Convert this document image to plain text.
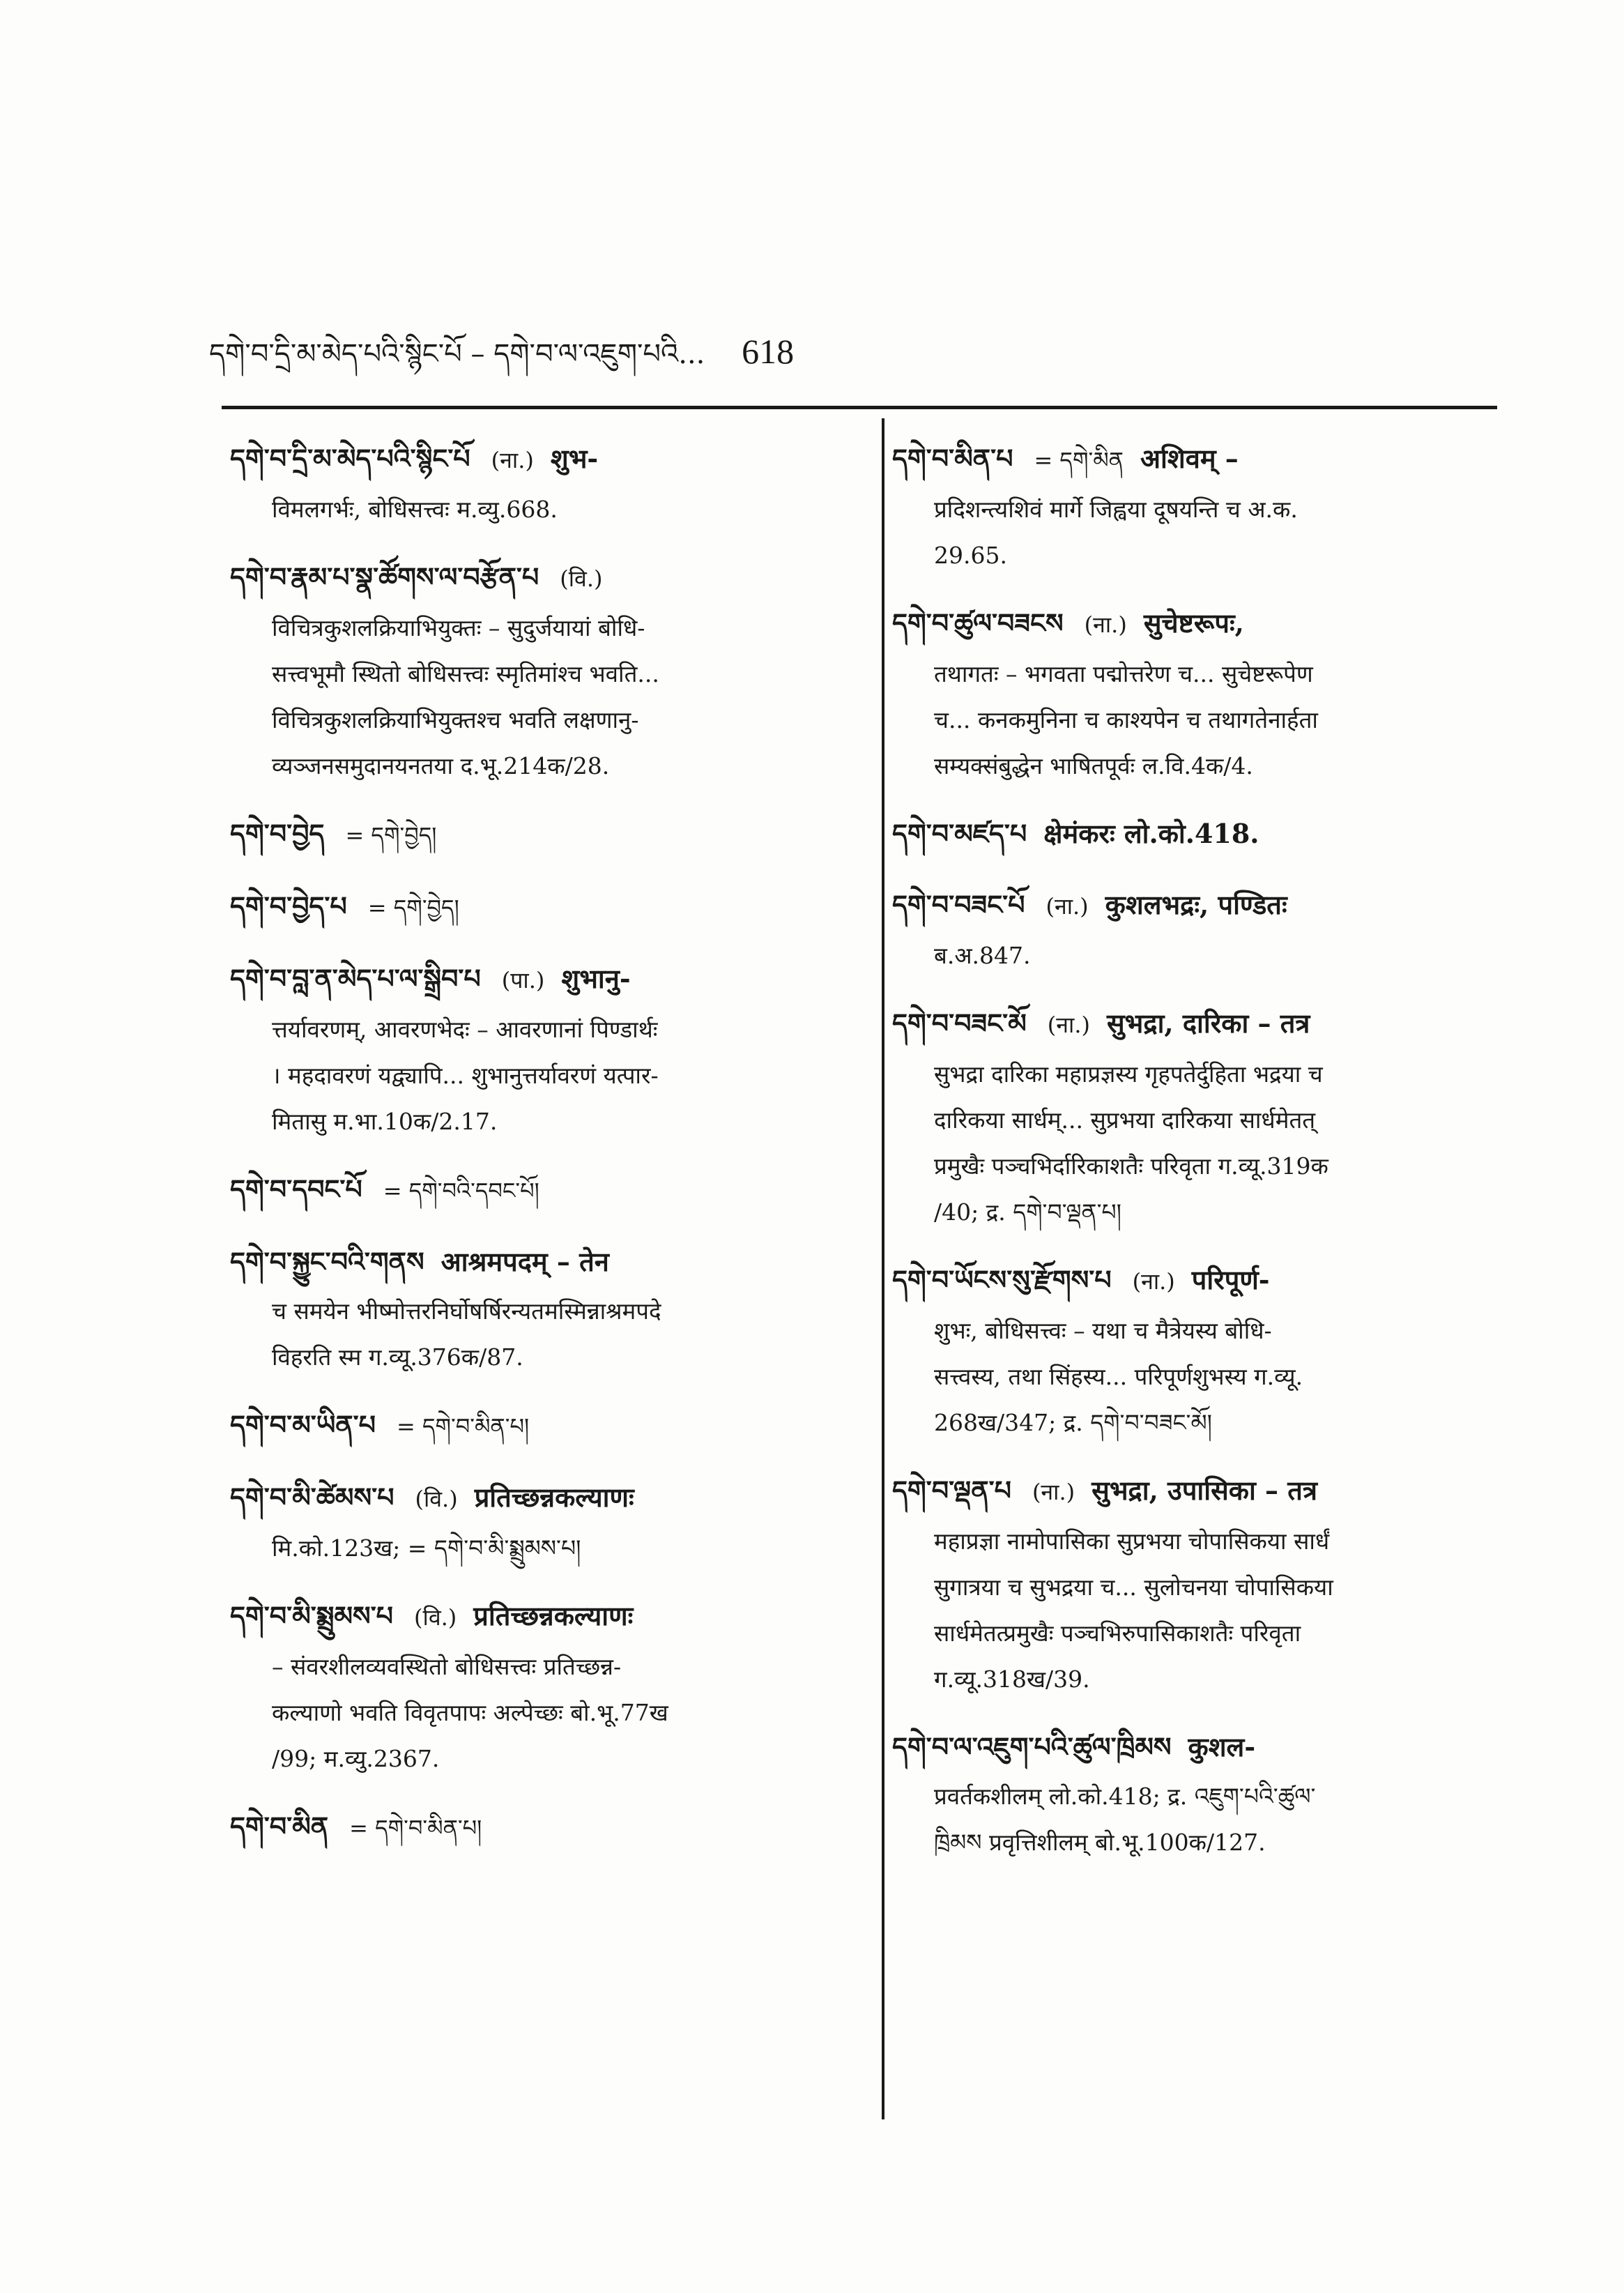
དགེ་བ་དྲི་མ་མེད་པའི་སྙིང་པོ – དགེ་བ་ལ་འཇུག་པའི... 618
དགེ་བ་དྲི་མ་མེད་པའི་སྙིང་པོ (ना.) शुभ-
विमलगर्भः, बोधिसत्त्वः म.व्यु.668.
དགེ་བ་རྣམ་པ་སྣ་ཚོགས་ལ་བརྩོན་པ (वि.)
विचित्रकुशलक्रियाभियुक्तः – सुदुर्जयायां बोधि-
सत्त्वभूमौ स्थितो बोधिसत्त्वः स्मृतिमांश्च भवति...
विचित्रकुशलक्रियाभियुक्तश्च भवति लक्षणानु-
व्यञ्जनसमुदानयनतया द.भू.214क/28.
དགེ་བ་བྱེད = དགེ་བྱེད།
དགེ་བ་བྱེད་པ = དགེ་བྱེད།
དགེ་བ་བླ་ན་མེད་པ་ལ་སྒྲིབ་པ (पा.) शुभानु-
त्तर्यावरणम्, आवरणभेदः – आवरणानां पिण्डार्थः
। महदावरणं यद्व्यापि... शुभानुत्तर्यावरणं यत्पार-
मितासु म.भा.10क/2.17.
དགེ་བ་དབང་པོ = དགེ་བའི་དབང་པོ།
དགེ་བ་སྐྱུང་བའི་གནས आश्रमपदम् – तेन
च समयेन भीष्मोत्तरनिर्घोषर्षिरन्यतमस्मिन्नाश्रमपदे
विहरति स्म ग.व्यू.376क/87.
དགེ་བ་མ་ཡིན་པ = དགེ་བ་མིན་པ།
དགེ་བ་མི་ཚེམས་པ (वि.) प्रतिच्छन्नकल्याणः
मि.को.123ख; = དགེ་བ་མི་སྨྲུམས་པ།
དགེ་བ་མི་སྨྲུམས་པ (वि.) प्रतिच्छन्नकल्याणः
– संवरशीलव्यवस्थितो बोधिसत्त्वः प्रतिच्छन्न-
कल्याणो भवति विवृतपापः अल्पेच्छः बो.भू.77ख
/99; म.व्यु.2367.
དགེ་བ་མིན = དགེ་བ་མིན་པ།
དགེ་བ་མིན་པ = དགེ་མིན अशिवम् –
प्रदिशन्त्यशिवं मार्गे जिह्वया दूषयन्ति च अ.क.
29.65.
དགེ་བ་ཚུལ་བཟངས (ना.) सुचेष्टरूपः,
तथागतः – भगवता पद्मोत्तरेण च... सुचेष्टरूपेण
च... कनकमुनिना च काश्यपेन च तथागतेनार्हता
सम्यक्संबुद्धेन भाषितपूर्वः ल.वि.4क/4.
དགེ་བ་མཛད་པ क्षेमंकरः लो.को.418.
དགེ་བ་བཟང་པོ (ना.) कुशलभद्रः, पण्डितः
ब.अ.847.
དགེ་བ་བཟང་མོ (ना.) सुभद्रा, दारिका – तत्र
सुभद्रा दारिका महाप्रज्ञस्य गृहपतेर्दुहिता भद्रया च
दारिकया सार्धम्... सुप्रभया दारिकया सार्धमेतत्
प्रमुखैः पञ्चभिर्दारिकाशतैः परिवृता ग.व्यू.319क
/40; द्र. དགེ་བ་ལྡན་པ།
དགེ་བ་ཡོངས་སུ་རྫོགས་པ (ना.) परिपूर्ण-
शुभः, बोधिसत्त्वः – यथा च मैत्रेयस्य बोधि-
सत्त्वस्य, तथा सिंहस्य... परिपूर्णशुभस्य ग.व्यू.
268ख/347; द्र. དགེ་བ་བཟང་མོ།
དགེ་བ་ལྡན་པ (ना.) सुभद्रा, उपासिका – तत्र
महाप्रज्ञा नामोपासिका सुप्रभया चोपासिकया सार्धं
सुगात्रया च सुभद्रया च... सुलोचनया चोपासिकया
सार्धमेतत्प्रमुखैः पञ्चभिरुपासिकाशतैः परिवृता
ग.व्यू.318ख/39.
དགེ་བ་ལ་འཇུག་པའི་ཚུལ་ཁྲིམས कुशल-
प्रवर्तकशीलम् लो.को.418; द्र. འཇུག་པའི་ཚུལ་
ཁྲིམས प्रवृत्तिशीलम् बो.भू.100क/127.
